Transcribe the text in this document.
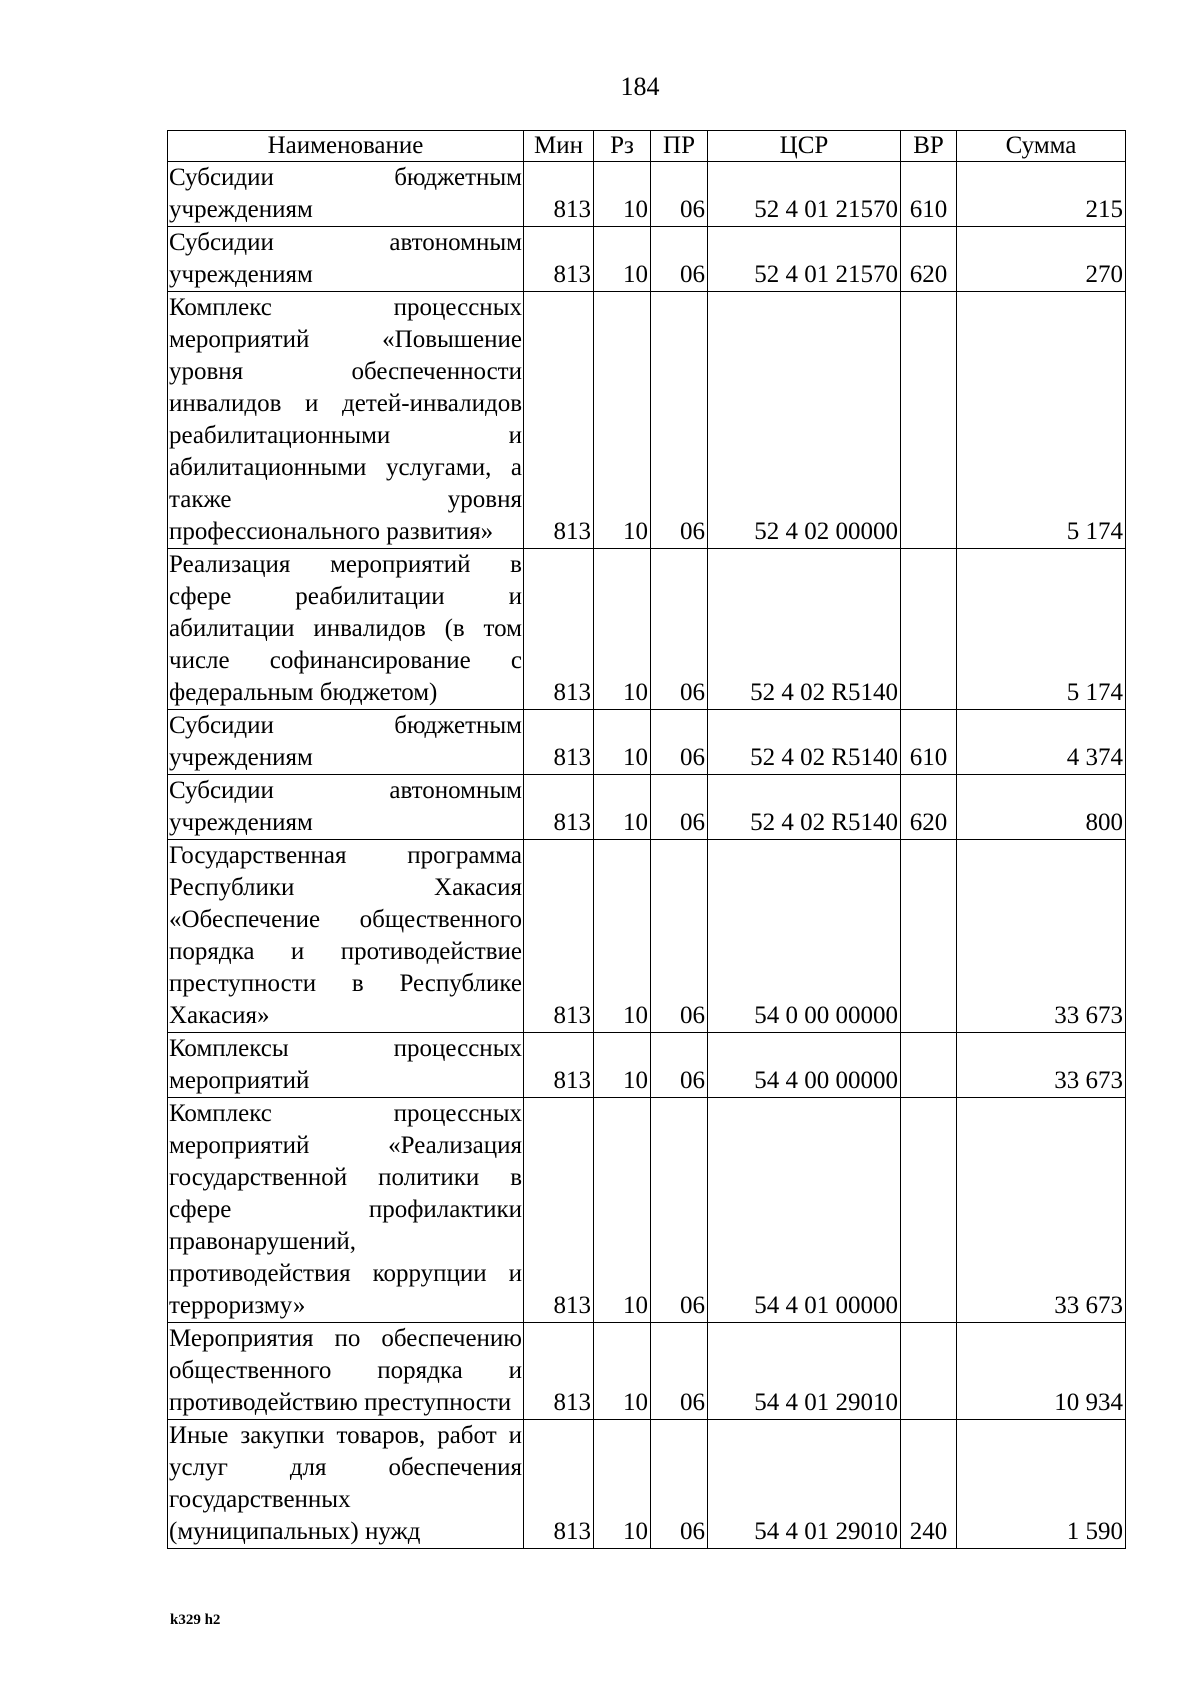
184
Наименование	Мин	Рз	ПР	ЦСР	ВР	Сумма
Субсидии бюджетным учреждениям	813	10	06	52 4 01 21570	610	215
Субсидии автономным учреждениям	813	10	06	52 4 01 21570	620	270
Комплекс процессных мероприятий «Повышение уровня обеспеченности инвалидов и детей-инвалидов реабилитационными и абилитационными услугами, а также уровня профессионального развития»	813	10	06	52 4 02 00000		5 174
Реализация мероприятий в сфере реабилитации и абилитации инвалидов (в том числе софинансирование с федеральным бюджетом)	813	10	06	52 4 02 R5140		5 174
Субсидии бюджетным учреждениям	813	10	06	52 4 02 R5140	610	4 374
Субсидии автономным учреждениям	813	10	06	52 4 02 R5140	620	800
Государственная программа Республики Хакасия «Обеспечение общественного порядка и противодействие преступности в Республике Хакасия»	813	10	06	54 0 00 00000		33 673
Комплексы процессных мероприятий	813	10	06	54 4 00 00000		33 673
Комплекс процессных мероприятий «Реализация государственной политики в сфере профилактики правонарушений, противодействия коррупции и терроризму»	813	10	06	54 4 01 00000		33 673
Мероприятия по обеспечению общественного порядка и противодействию преступности	813	10	06	54 4 01 29010		10 934
Иные закупки товаров, работ и услуг для обеспечения государственных (муниципальных) нужд	813	10	06	54 4 01 29010	240	1 590
k329 h2
